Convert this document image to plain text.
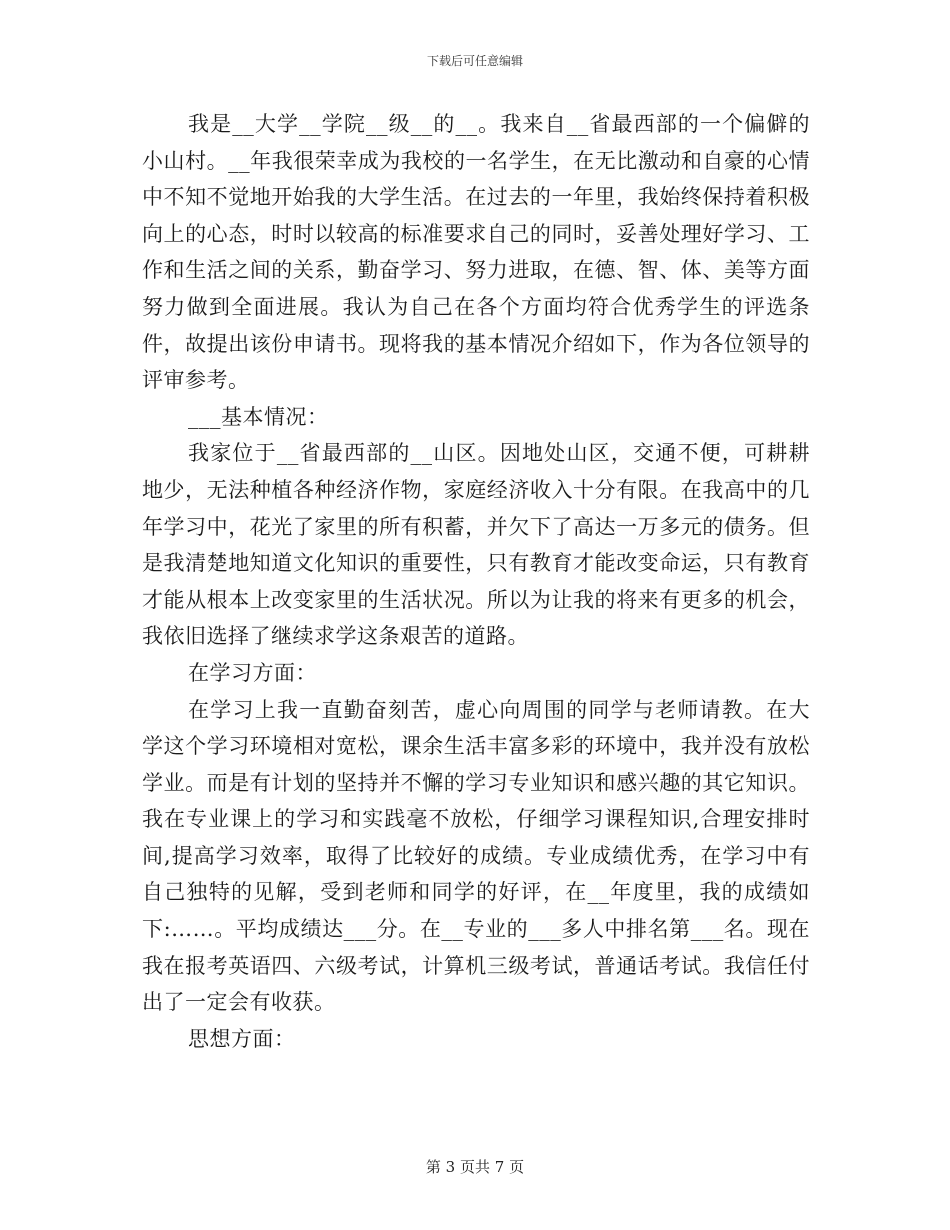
下载后可任意编辑

我是__大学__学院__级__的__。我来自__省最西部的一个偏僻的小山村。__年我很荣幸成为我校的一名学生，在无比激动和自豪的心情中不知不觉地开始我的大学生活。在过去的一年里，我始终保持着积极向上的心态，时时以较高的标准要求自己的同时，妥善处理好学习、工作和生活之间的关系，勤奋学习、努力进取，在德、智、体、美等方面努力做到全面进展。我认为自己在各个方面均符合优秀学生的评选条件，故提出该份申请书。现将我的基本情况介绍如下，作为各位领导的评审参考。

___基本情况：

我家位于__省最西部的__山区。因地处山区，交通不便，可耕耕地少，无法种植各种经济作物，家庭经济收入十分有限。在我高中的几年学习中，花光了家里的所有积蓄，并欠下了高达一万多元的债务。但是我清楚地知道文化知识的重要性，只有教育才能改变命运，只有教育才能从根本上改变家里的生活状况。所以为让我的将来有更多的机会，我依旧选择了继续求学这条艰苦的道路。

在学习方面：

在学习上我一直勤奋刻苦，虚心向周围的同学与老师请教。在大学这个学习环境相对宽松，课余生活丰富多彩的环境中，我并没有放松学业。而是有计划的坚持并不懈的学习专业知识和感兴趣的其它知识。我在专业课上的学习和实践毫不放松，仔细学习课程知识,合理安排时间,提高学习效率，取得了比较好的成绩。专业成绩优秀，在学习中有自己独特的见解，受到老师和同学的好评，在__年度里，我的成绩如下:……。平均成绩达___分。在__专业的___多人中排名第___名。现在我在报考英语四、六级考试，计算机三级考试，普通话考试。我信任付出了一定会有收获。

思想方面：

第 3 页共 7 页
